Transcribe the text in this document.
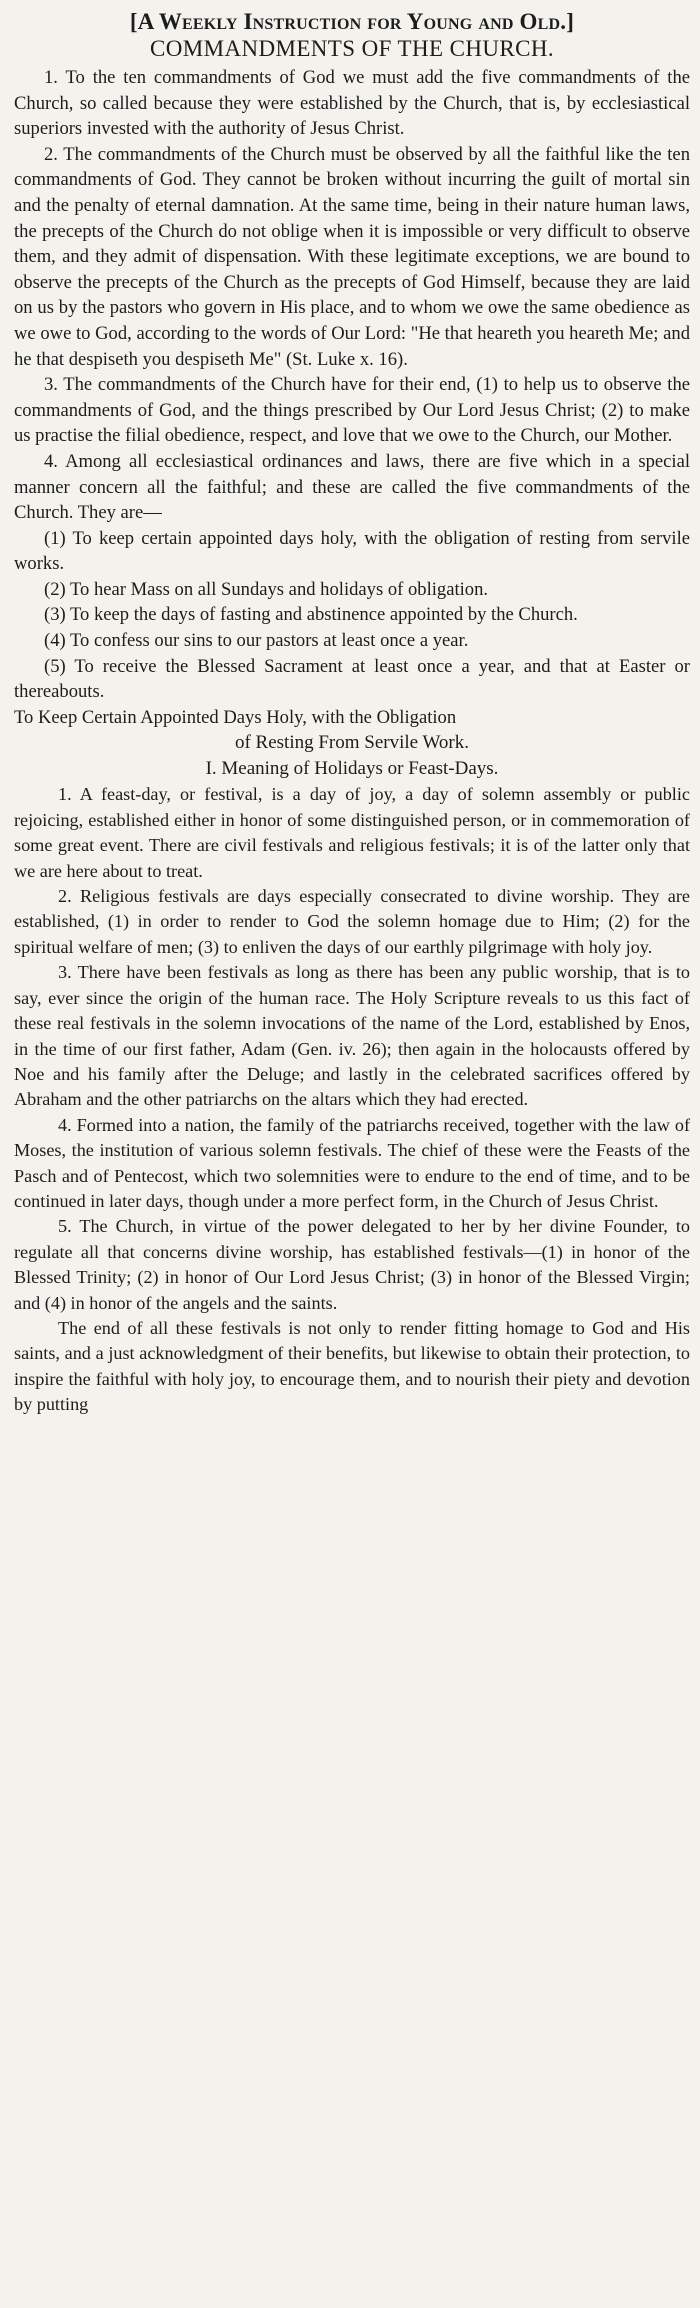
[A Weekly Instruction for Young and Old.]
COMMANDMENTS OF THE CHURCH.

1. To the ten commandments of God we must add the five commandments of the Church, so called because they were established by the Church, that is, by ecclesiastical superiors invested with the authority of Jesus Christ.

2. The commandments of the Church must be observed by all the faithful like the ten commandments of God. They cannot be broken without incurring the guilt of mortal sin and the penalty of eternal damnation. At the same time, being in their nature human laws, the precepts of the Church do not oblige when it is impossible or very difficult to observe them, and they admit of dispensation. With these legitimate exceptions, we are bound to observe the precepts of the Church as the precepts of God Himself, because they are laid on us by the pastors who govern in His place, and to whom we owe the same obedience as we owe to God, according to the words of Our Lord: "He that heareth you heareth Me; and he that despiseth you despiseth Me" (St. Luke x. 16).

3. The commandments of the Church have for their end, (1) to help us to observe the commandments of God, and the things prescribed by Our Lord Jesus Christ; (2) to make us practise the filial obedience, respect, and love that we owe to the Church, our Mother.

4. Among all ecclesiastical ordinances and laws, there are five which in a special manner concern all the faithful; and these are called the five commandments of the Church. They are—

(1) To keep certain appointed days holy, with the obligation of resting from servile works.

(2) To hear Mass on all Sundays and holidays of obligation.

(3) To keep the days of fasting and abstinence appointed by the Church.

(4) To confess our sins to our pastors at least once a year.

(5) To receive the Blessed Sacrament at least once a year, and that at Easter or thereabouts.

To Keep Certain Appointed Days Holy, with the Obligation

of Resting From Servile Work.

I. Meaning of Holidays or Feast-Days.

1. A feast-day, or festival, is a day of joy, a day of solemn assembly or public rejoicing, established either in honor of some distinguished person, or in commemoration of some great event. There are civil festivals and religious festivals; it is of the latter only that we are here about to treat.

2. Religious festivals are days especially consecrated to divine worship. They are established, (1) in order to render to God the solemn homage due to Him; (2) for the spiritual welfare of men; (3) to enliven the days of our earthly pilgrimage with holy joy.

3. There have been festivals as long as there has been any public worship, that is to say, ever since the origin of the human race. The Holy Scripture reveals to us this fact of these real festivals in the solemn invocations of the name of the Lord, established by Enos, in the time of our first father, Adam (Gen. iv. 26); then again in the holocausts offered by Noe and his family after the Deluge; and lastly in the celebrated sacrifices offered by Abraham and the other patriarchs on the altars which they had erected.

4. Formed into a nation, the family of the patriarchs received, together with the law of Moses, the institution of various solemn festivals. The chief of these were the Feasts of the Pasch and of Pentecost, which two solemnities were to endure to the end of time, and to be continued in later days, though under a more perfect form, in the Church of Jesus Christ.

5. The Church, in virtue of the power delegated to her by her divine Founder, to regulate all that concerns divine worship, has established festivals—(1) in honor of the Blessed Trinity; (2) in honor of Our Lord Jesus Christ; (3) in honor of the Blessed Virgin; and (4) in honor of the angels and the saints.

The end of all these festivals is not only to render fitting homage to God and His saints, and a just acknowledgment of their benefits, but likewise to obtain their protection, to inspire the faithful with holy joy, to encourage them, and to nourish their piety and devotion by putting
